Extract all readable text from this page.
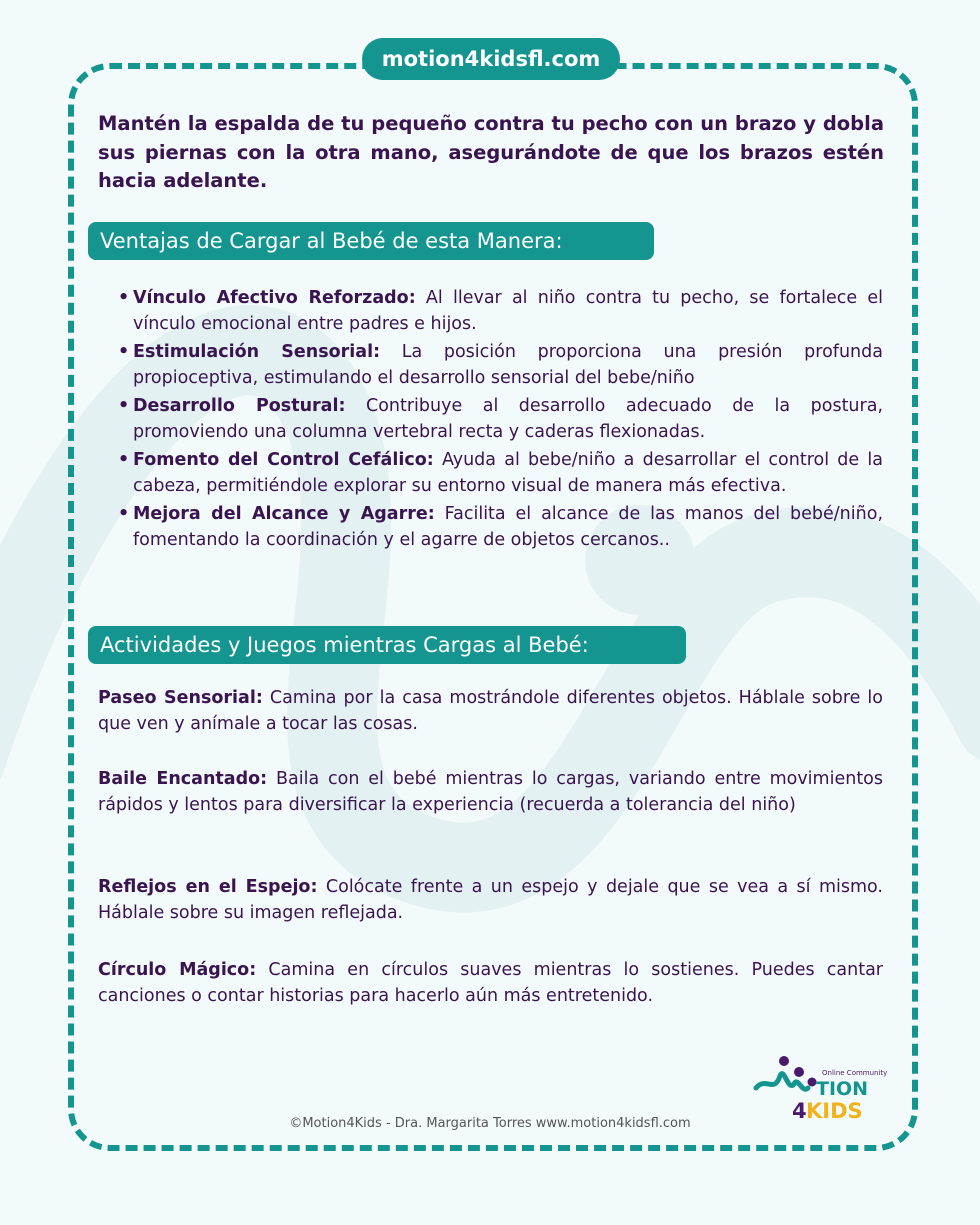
motion4kidsfl.com
Mantén la espalda de tu pequeño contra tu pecho con un brazo y dobla sus piernas con la otra mano, asegurándote de que los brazos estén hacia adelante.
Ventajas de Cargar al Bebé de esta Manera:
• Vínculo Afectivo Reforzado: Al llevar al niño contra tu pecho, se fortalece el vínculo emocional entre padres e hijos.
• Estimulación Sensorial: La posición proporciona una presión profunda propioceptiva, estimulando el desarrollo sensorial del bebe/niño
• Desarrollo Postural: Contribuye al desarrollo adecuado de la postura, promoviendo una columna vertebral recta y caderas flexionadas.
• Fomento del Control Cefálico: Ayuda al bebe/niño a desarrollar el control de la cabeza, permitiéndole explorar su entorno visual de manera más efectiva.
• Mejora del Alcance y Agarre: Facilita el alcance de las manos del bebé/niño, fomentando la coordinación y el agarre de objetos cercanos..
Actividades y Juegos mientras Cargas al Bebé:
Paseo Sensorial: Camina por la casa mostrándole diferentes objetos. Háblale sobre lo que ven y anímale a tocar las cosas.
Baile Encantado: Baila con el bebé mientras lo cargas, variando entre movimientos rápidos y lentos para diversificar la experiencia (recuerda a tolerancia del niño)
Reflejos en el Espejo: Colócate frente a un espejo y dejale que se vea a sí mismo. Háblale sobre su imagen reflejada.
Círculo Mágico: Camina en círculos suaves mientras lo sostienes. Puedes cantar canciones o contar historias para hacerlo aún más entretenido.
Online Community
TION
4 KIDS
©Motion4Kids - Dra. Margarita Torres www.motion4kidsfl.com
